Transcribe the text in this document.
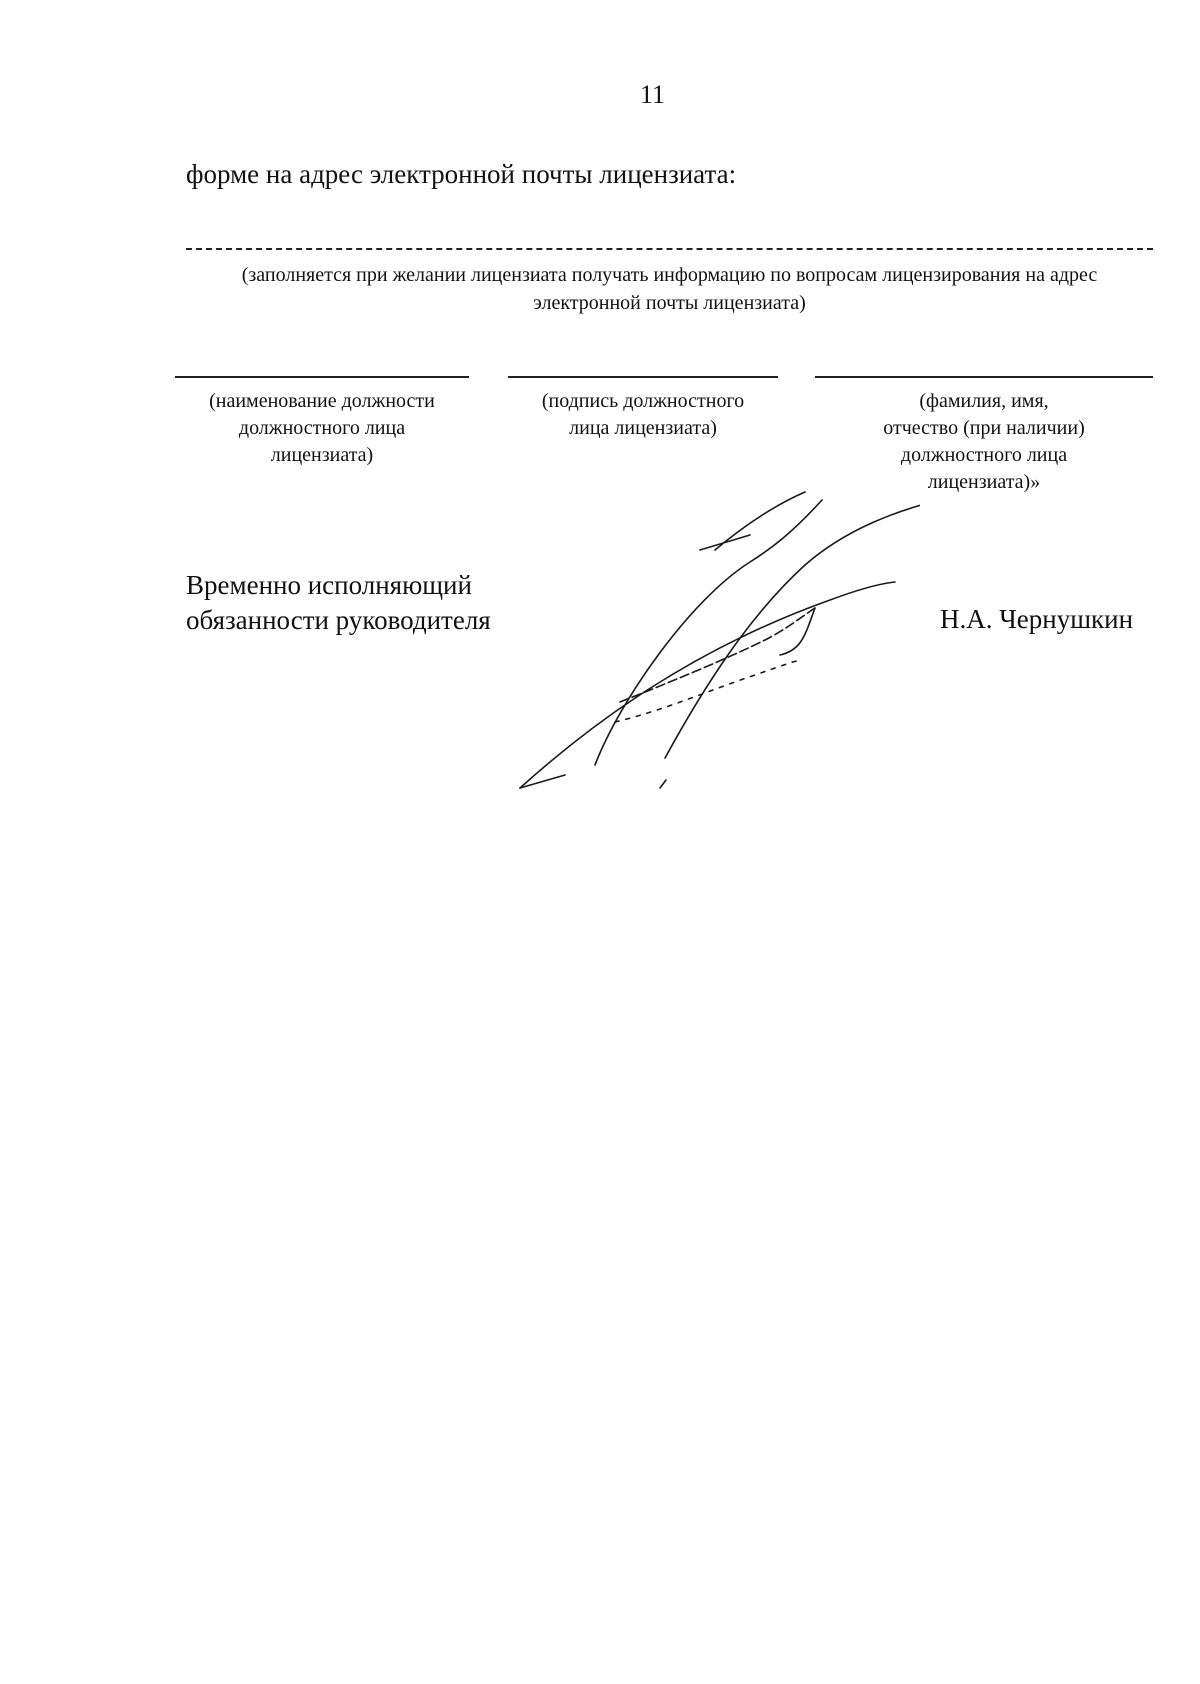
11
форме на адрес электронной почты лицензиата:
(заполняется при желании лицензиата получать информацию по вопросам лицензирования на адрес электронной почты лицензиата)
(наименование должности
должностного лица
лицензиата)
(подпись должностного
лица лицензиата)
(фамилия, имя,
отчество (при наличии)
должностного лица
лицензиата)»
Временно исполняющий
обязанности руководителя	Н.А. Чернушкин
